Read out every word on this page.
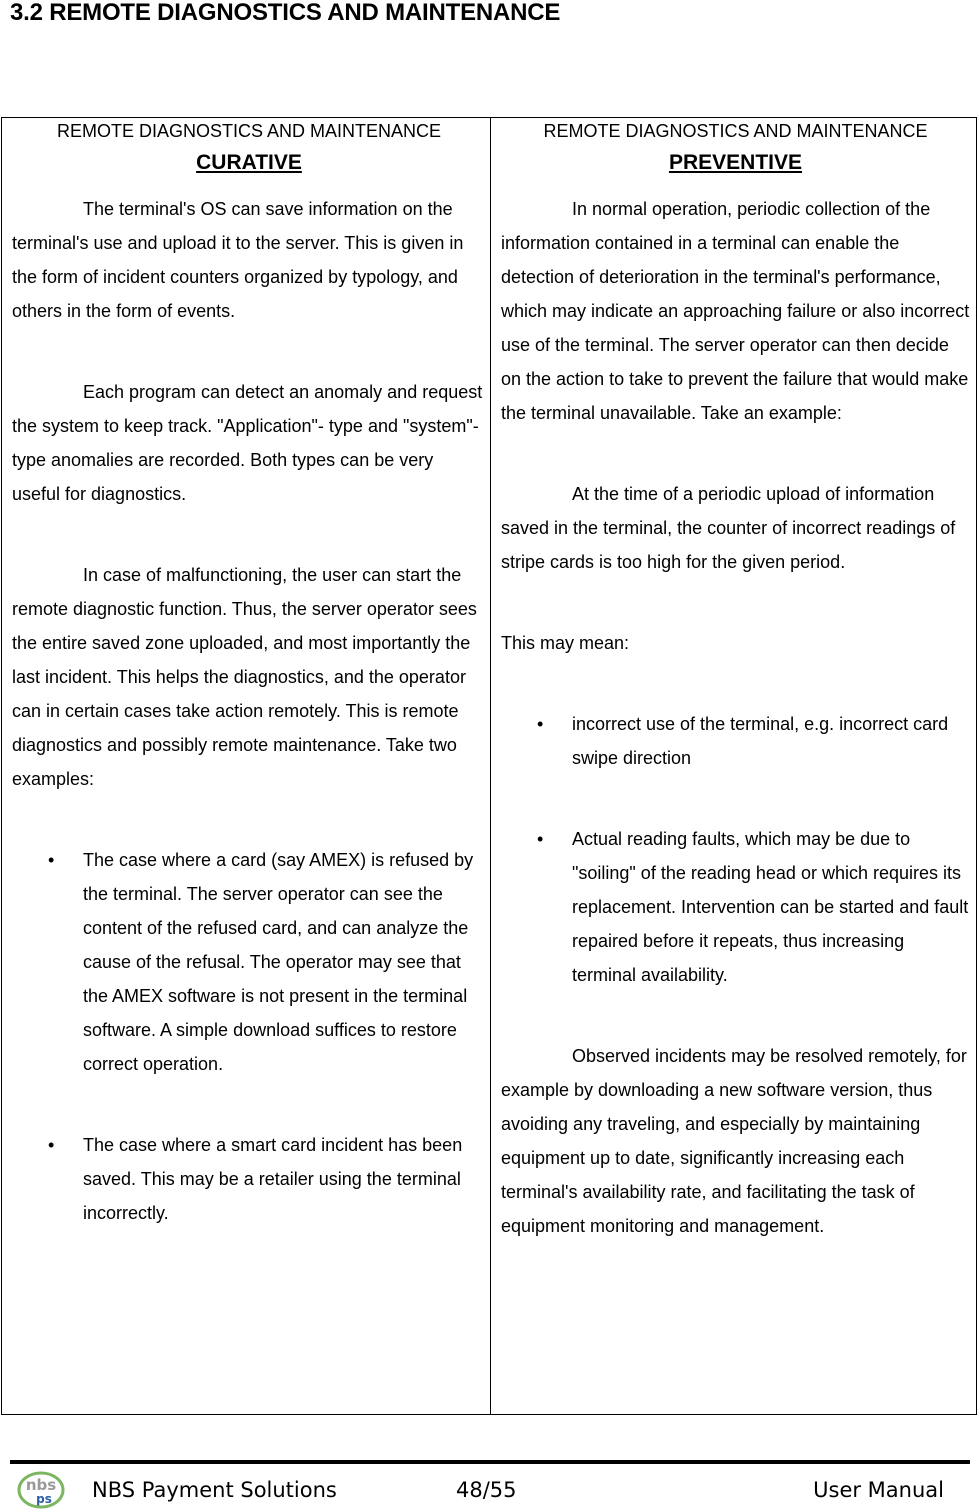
3.2 REMOTE DIAGNOSTICS AND MAINTENANCE
REMOTE DIAGNOSTICS AND MAINTENANCE
CURATIVE

The terminal's OS can save information on the terminal's use and upload it to the server. This is given in the form of incident counters organized by typology, and others in the form of events.

Each program can detect an anomaly and request the system to keep track. "Application"- type and "system"-type anomalies are recorded. Both types can be very useful for diagnostics.

In case of malfunctioning, the user can start the remote diagnostic function. Thus, the server operator sees the entire saved zone uploaded, and most importantly the last incident. This helps the diagnostics, and the operator can in certain cases take action remotely. This is remote diagnostics and possibly remote maintenance. Take two examples:

•	The case where a card (say AMEX) is refused by the terminal. The server operator can see the content of the refused card, and can analyze the cause of the refusal. The operator may see that the AMEX software is not present in the terminal software. A simple download suffices to restore correct operation.
•	The case where a smart card incident has been saved. This may be a retailer using the terminal incorrectly.
REMOTE DIAGNOSTICS AND MAINTENANCE
PREVENTIVE

In normal operation, periodic collection of the information contained in a terminal can enable the detection of deterioration in the terminal's performance, which may indicate an approaching failure or also incorrect use of the terminal. The server operator can then decide on the action to take to prevent the failure that would make the terminal unavailable. Take an example:

At the time of a periodic upload of information saved in the terminal, the counter of incorrect readings of stripe cards is too high for the given period.

This may mean:

•	incorrect use of the terminal, e.g. incorrect card swipe direction
•	Actual reading faults, which may be due to "soiling" of the reading head or which requires its replacement. Intervention can be started and fault repaired before it repeats, thus increasing terminal availability.

Observed incidents may be resolved remotely, for example by downloading a new software version, thus avoiding any traveling, and especially by maintaining equipment up to date, significantly increasing each terminal's availability rate, and facilitating the task of equipment monitoring and management.

nbs
ps NBS Payment Solutions	48/55	User Manual
